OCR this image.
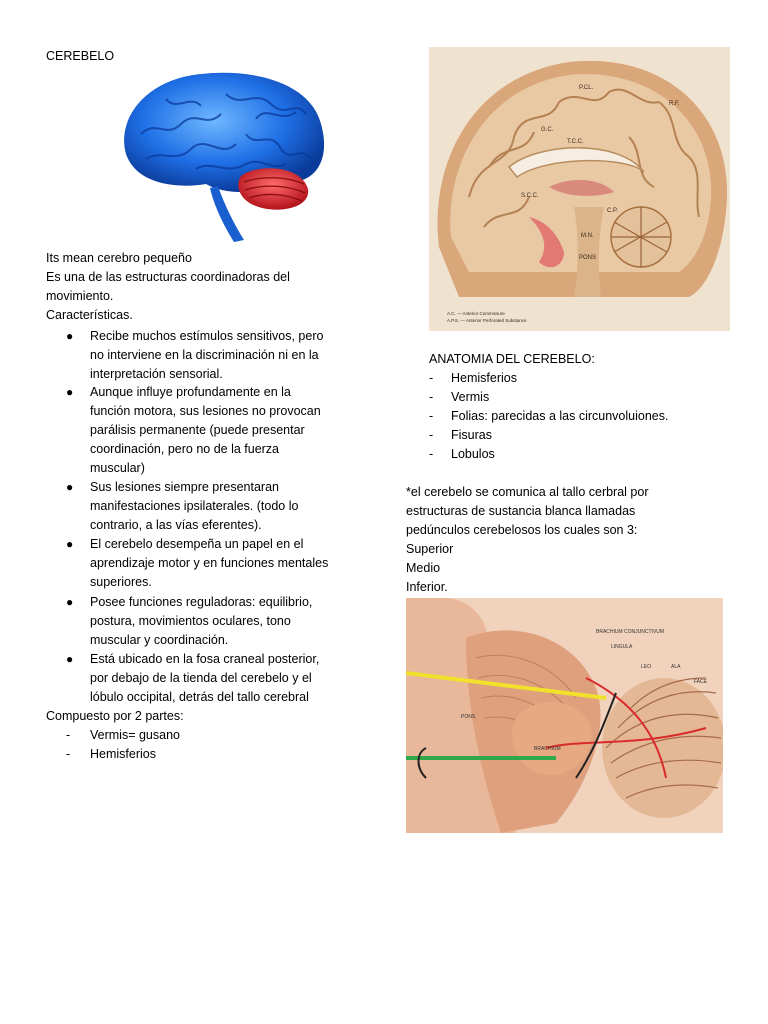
CEREBELO
Its mean cerebro pequeño
Es una de las estructuras coordinadoras del
movimiento.
Características.
● Recibe muchos estímulos sensitivos, pero
no interviene en la discriminación ni en la
interpretación sensorial.
● Aunque influye profundamente en la
función motora, sus lesiones no provocan
parálisis permanente (puede presentar
coordinación, pero no de la fuerza
muscular)
● Sus lesiones siempre presentaran
manifestaciones ipsilaterales. (todo lo
contrario, a las vías eferentes).
● El cerebelo desempeña un papel en el
aprendizaje motor y en funciones mentales
superiores.
● Posee funciones reguladoras: equilibrio,
postura, movimientos oculares, tono
muscular y coordinación.
● Está ubicado en la fosa craneal posterior,
por debajo de la tienda del cerebelo y el
lóbulo occipital, detrás del tallo cerebral
Compuesto por 2 partes:
- Vermis= gusano
- Hemisferios
P.CL.
G.C.
S.C.C.
T.C.C.
C.P.
PONS
M.N.
R.F.
A.C. — Anterior Commissure
A.P.S. — Anterior Perforated Substance
ANATOMIA DEL CEREBELO:
- Hemisferios
- Vermis
- Folias: parecidas a las circunvoluiones.
- Fisuras
- Lobulos
*el cerebelo se comunica al tallo cerbral por
estructuras de sustancia blanca llamadas
pedúnculos cerebelosos los cuales son 3:
Superior
Medio
Inferior.
BRACHIUM CONJUNCTIVUM
LINGULA
LEO	ALA
FACE
PONS
BRACHIUM
